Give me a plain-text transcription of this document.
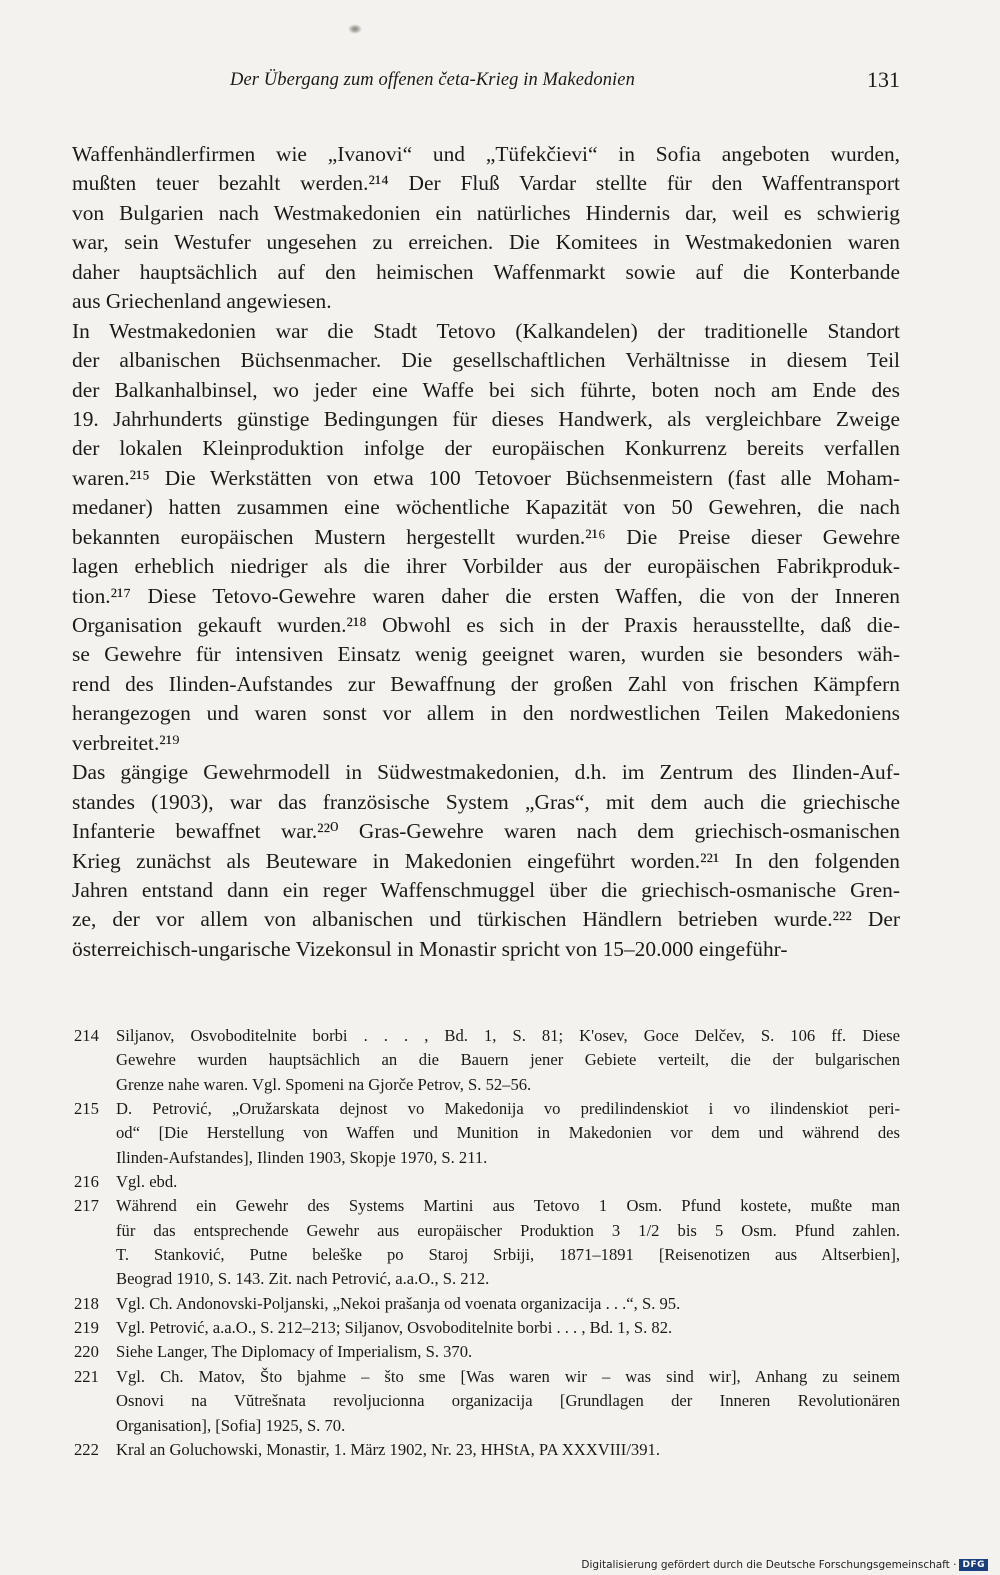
Der Übergang zum offenen četa-Krieg in Makedonien	131
Waffenhändlerfirmen wie „Ivanovi“ und „Tüfekčievi“ in Sofia angeboten wurden,
mußten teuer bezahlt werden.²¹⁴ Der Fluß Vardar stellte für den Waffentransport
von Bulgarien nach Westmakedonien ein natürliches Hindernis dar, weil es schwierig
war, sein Westufer ungesehen zu erreichen. Die Komitees in Westmakedonien waren
daher hauptsächlich auf den heimischen Waffenmarkt sowie auf die Konterbande
aus Griechenland angewiesen.
In Westmakedonien war die Stadt Tetovo (Kalkandelen) der traditionelle Standort
der albanischen Büchsenmacher. Die gesellschaftlichen Verhältnisse in diesem Teil
der Balkanhalbinsel, wo jeder eine Waffe bei sich führte, boten noch am Ende des
19. Jahrhunderts günstige Bedingungen für dieses Handwerk, als vergleichbare Zweige
der lokalen Kleinproduktion infolge der europäischen Konkurrenz bereits verfallen
waren.²¹⁵ Die Werkstätten von etwa 100 Tetovoer Büchsenmeistern (fast alle Moham-
medaner) hatten zusammen eine wöchentliche Kapazität von 50 Gewehren, die nach
bekannten europäischen Mustern hergestellt wurden.²¹⁶ Die Preise dieser Gewehre
lagen erheblich niedriger als die ihrer Vorbilder aus der europäischen Fabrikproduk-
tion.²¹⁷ Diese Tetovo-Gewehre waren daher die ersten Waffen, die von der Inneren
Organisation gekauft wurden.²¹⁸ Obwohl es sich in der Praxis herausstellte, daß die-
se Gewehre für intensiven Einsatz wenig geeignet waren, wurden sie besonders wäh-
rend des Ilinden-Aufstandes zur Bewaffnung der großen Zahl von frischen Kämpfern
herangezogen und waren sonst vor allem in den nordwestlichen Teilen Makedoniens
verbreitet.²¹⁹
Das gängige Gewehrmodell in Südwestmakedonien, d.h. im Zentrum des Ilinden-Auf-
standes (1903), war das französische System „Gras“, mit dem auch die griechische
Infanterie bewaffnet war.²²⁰ Gras-Gewehre waren nach dem griechisch-osmanischen
Krieg zunächst als Beuteware in Makedonien eingeführt worden.²²¹ In den folgenden
Jahren entstand dann ein reger Waffenschmuggel über die griechisch-osmanische Gren-
ze, der vor allem von albanischen und türkischen Händlern betrieben wurde.²²² Der
österreichisch-ungarische Vizekonsul in Monastir spricht von 15–20.000 eingeführ-
214 Siljanov, Osvoboditelnite borbi . . . , Bd. 1, S. 81; K'osev, Goce Delčev, S. 106 ff. Diese
Gewehre wurden hauptsächlich an die Bauern jener Gebiete verteilt, die der bulgarischen
Grenze nahe waren. Vgl. Spomeni na Gjorče Petrov, S. 52–56.
215 D. Petrović, „Oružarskata dejnost vo Makedonija vo predilindenskiot i vo ilindenskiot peri-
od“ [Die Herstellung von Waffen und Munition in Makedonien vor dem und während des
Ilinden-Aufstandes], Ilinden 1903, Skopje 1970, S. 211.
216 Vgl. ebd.
217 Während ein Gewehr des Systems Martini aus Tetovo 1 Osm. Pfund kostete, mußte man
für das entsprechende Gewehr aus europäischer Produktion 3 1/2 bis 5 Osm. Pfund zahlen.
T. Stanković, Putne beleške po Staroj Srbiji, 1871–1891 [Reisenotizen aus Altserbien],
Beograd 1910, S. 143. Zit. nach Petrović, a.a.O., S. 212.
218 Vgl. Ch. Andonovski-Poljanski, „Nekoi prašanja od voenata organizacija . . .“, S. 95.
219 Vgl. Petrović, a.a.O., S. 212–213; Siljanov, Osvoboditelnite borbi . . . , Bd. 1, S. 82.
220 Siehe Langer, The Diplomacy of Imperialism, S. 370.
221 Vgl. Ch. Matov, Što bjahme – što sme [Was waren wir – was sind wir], Anhang zu seinem
Osnovi na Vŭtrešnata revoljucionna organizacija [Grundlagen der Inneren Revolutionären
Organisation], [Sofia] 1925, S. 70.
222 Kral an Goluchowski, Monastir, 1. März 1902, Nr. 23, HHStA, PA XXXVIII/391.
Digitalisierung gefördert durch die Deutsche Forschungsgemeinschaft · DFG
